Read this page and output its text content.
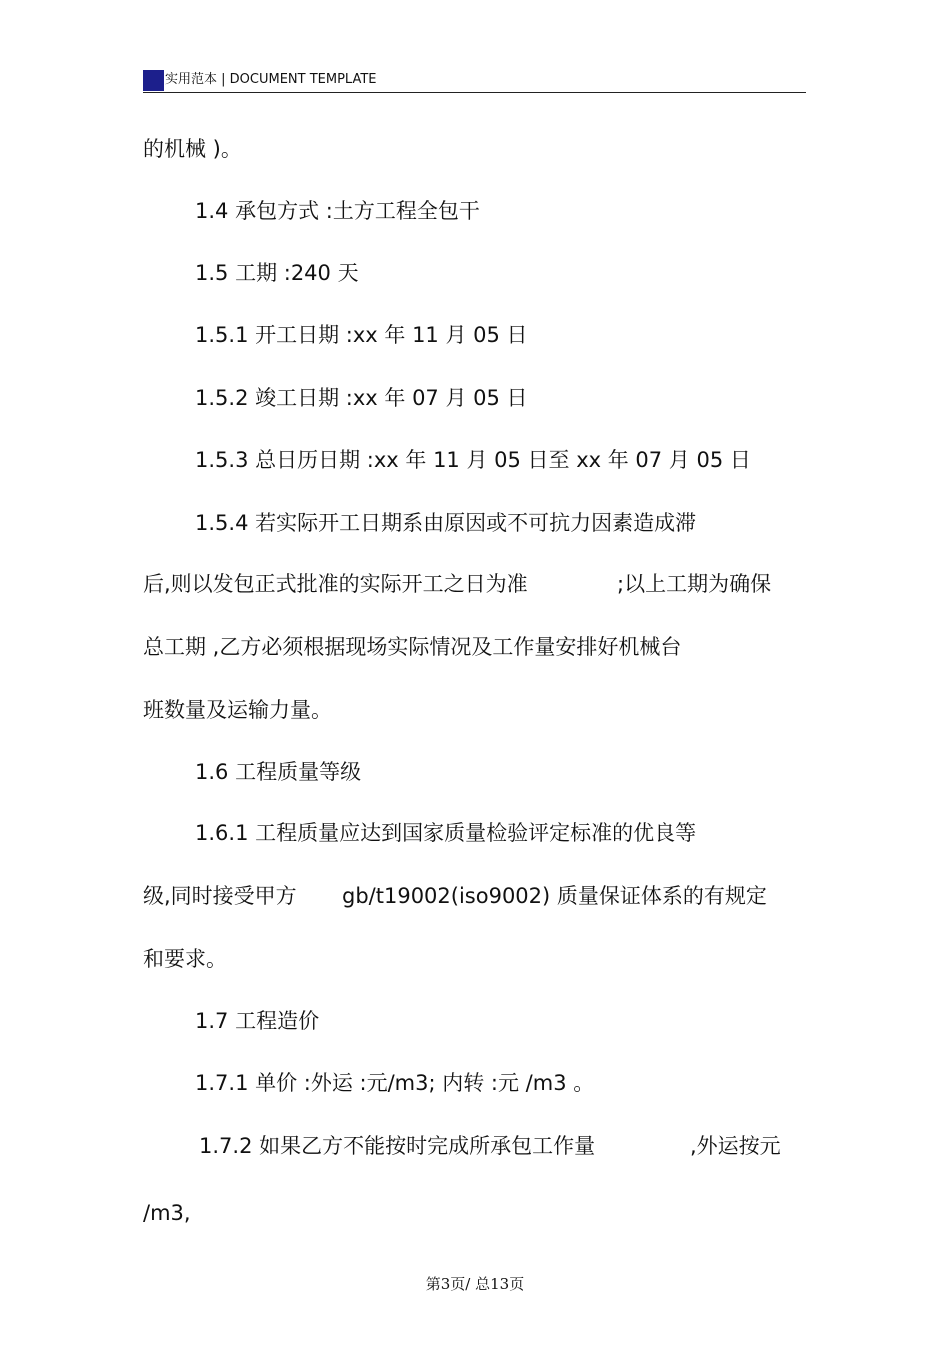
实用范本 | DOCUMENT TEMPLATE
的机械 )。
1.4 承包方式 :土方工程全包干
1.5 工期 :240 天
1.5.1 开工日期 :xx 年 11 月 05 日
1.5.2 竣工日期 :xx 年 07 月 05 日
1.5.3 总日历日期 :xx 年 11 月 05 日至 xx 年 07 月 05 日
1.5.4 若实际开工日期系由原因或不可抗力因素造成滞
后,则以发包正式批准的实际开工之日为准	;以上工期为确保
总工期 ,乙方必须根据现场实际情况及工作量安排好机械台
班数量及运输力量。
1.6 工程质量等级
1.6.1 工程质量应达到国家质量检验评定标准的优良等
级,同时接受甲方 gb/t19002(iso9002) 质量保证体系的有规定
和要求。
1.7 工程造价
1.7.1 单价 :外运 :元/m3; 内转 :元 /m3 。
1.7.2 如果乙方不能按时完成所承包工作量	,外运按元
/m3,
第3页/ 总13页
